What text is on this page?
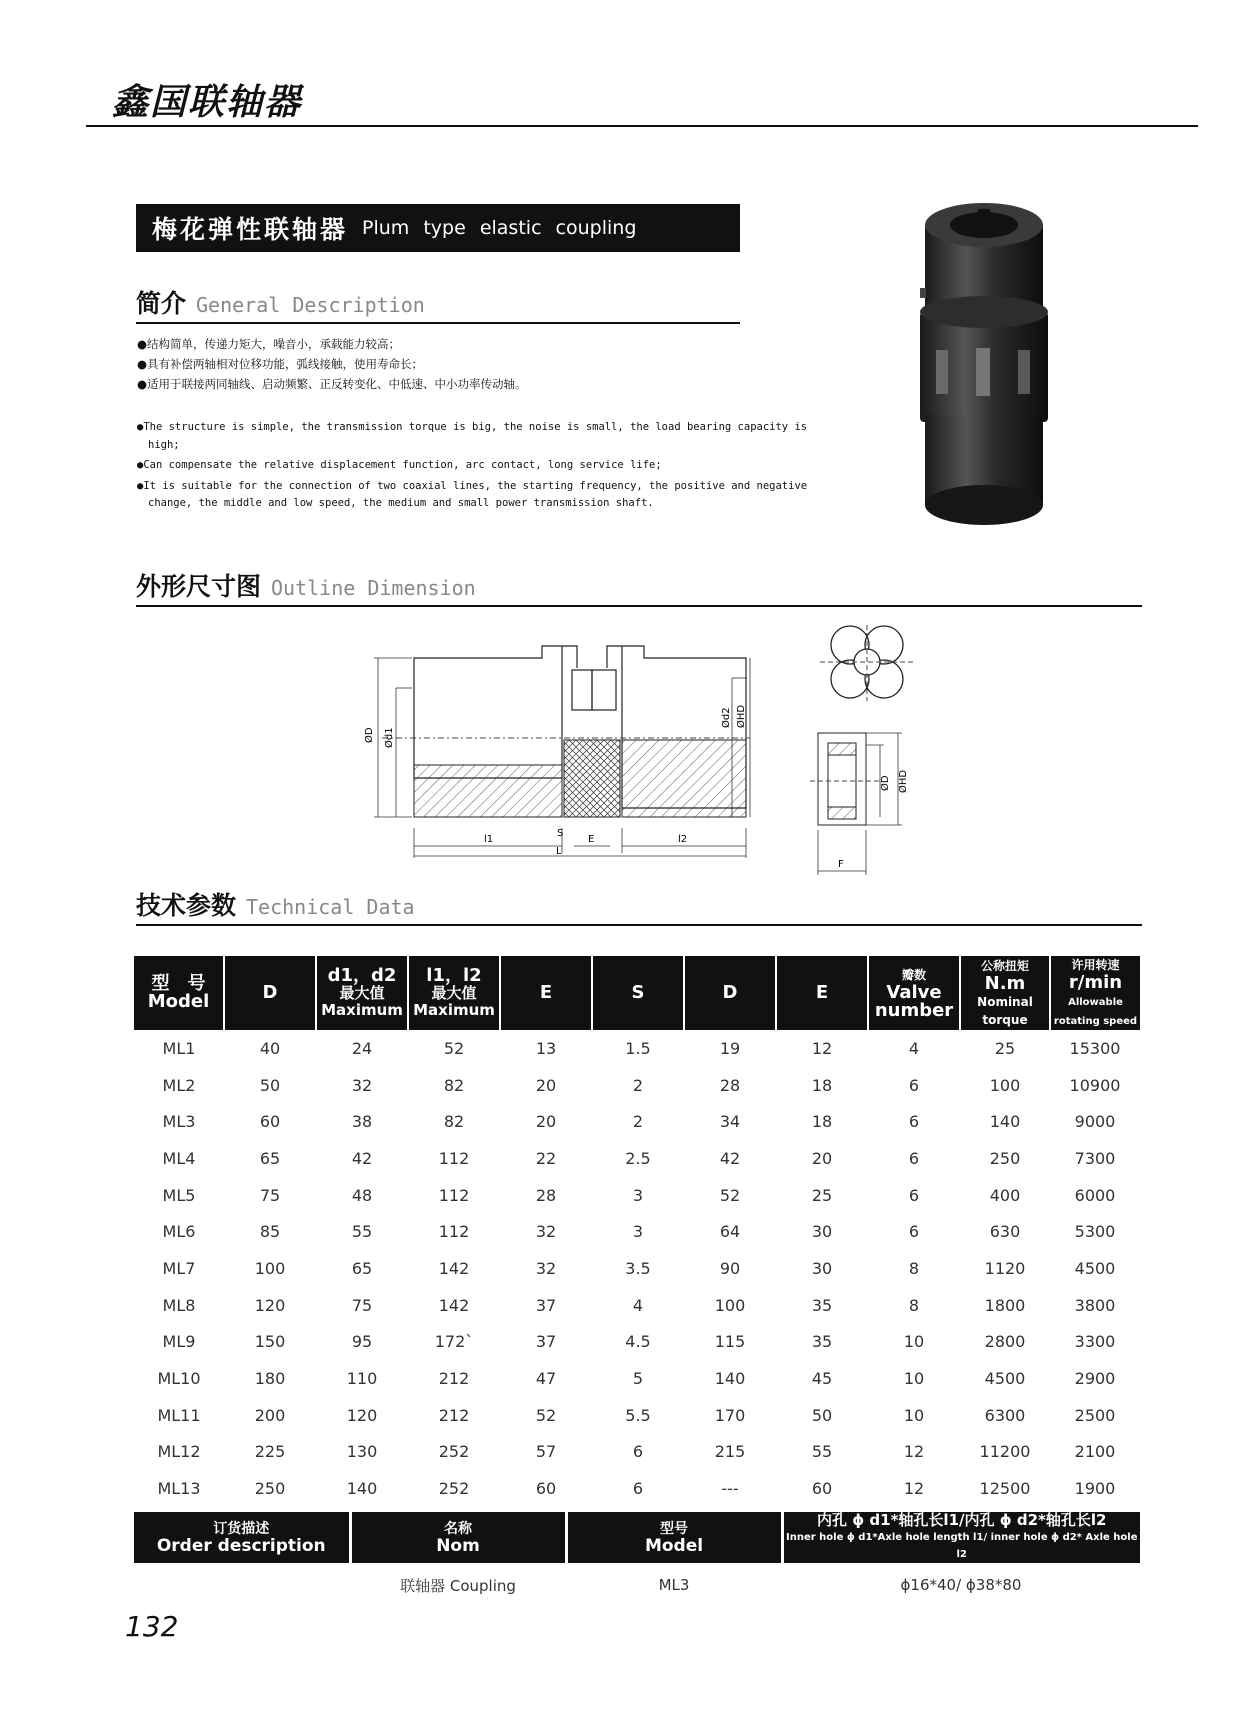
鑫国联轴器
梅花弹性联轴器 Plum type elastic coupling
简介 General Description
●结构简单，传递力矩大，噪音小，承载能力较高；
●具有补偿两轴相对位移功能，弧线接触，使用寿命长；
●适用于联接两同轴线、启动频繁、正反转变化、中低速、中小功率传动轴。
●The structure is simple, the transmission torque is big, the noise is small, the load bearing capacity is high;
●Can compensate the relative displacement function, arc contact, long service life;
●It is suitable for the connection of two coaxial lines, the starting frequency, the positive and negative change, the middle and low speed, the medium and small power transmission shaft.
外形尺寸图 Outline Dimension
ØD Ød1
Ød2 ØHD
l1	l2
S
E
L
ØD ØHD
F
技术参数 Technical Data
型　号
Model	D	d1，d2
最大值
Maximum	l1，l2
最大值
Maximum	E	S	D	E	瓣数
Valve
number	公称扭矩
N.m
Nominal
torque	许用转速
r/min
Allowable
rotating speed
ML1	40	24	52	13	1.5	19	12	4	25	15300
ML2	50	32	82	20	2	28	18	6	100	10900
ML3	60	38	82	20	2	34	18	6	140	9000
ML4	65	42	112	22	2.5	42	20	6	250	7300
ML5	75	48	112	28	3	52	25	6	400	6000
ML6	85	55	112	32	3	64	30	6	630	5300
ML7	100	65	142	32	3.5	90	30	8	1120	4500
ML8	120	75	142	37	4	100	35	8	1800	3800
ML9	150	95	172`	37	4.5	115	35	10	2800	3300
ML10	180	110	212	47	5	140	45	10	4500	2900
ML11	200	120	212	52	5.5	170	50	10	6300	2500
ML12	225	130	252	57	6	215	55	12	11200	2100
ML13	250	140	252	60	6	---	60	12	12500	1900
订货描述
Order description	名称
Nom	型号
Model	内孔 ϕ d1*轴孔长l1/内孔 ϕ d2*轴孔长l2
Inner hole ϕ d1*Axle hole length l1/ inner hole ϕ d2* Axle hole l2

	联轴器 Coupling	ML3	ϕ16*40/ ϕ38*80
132
